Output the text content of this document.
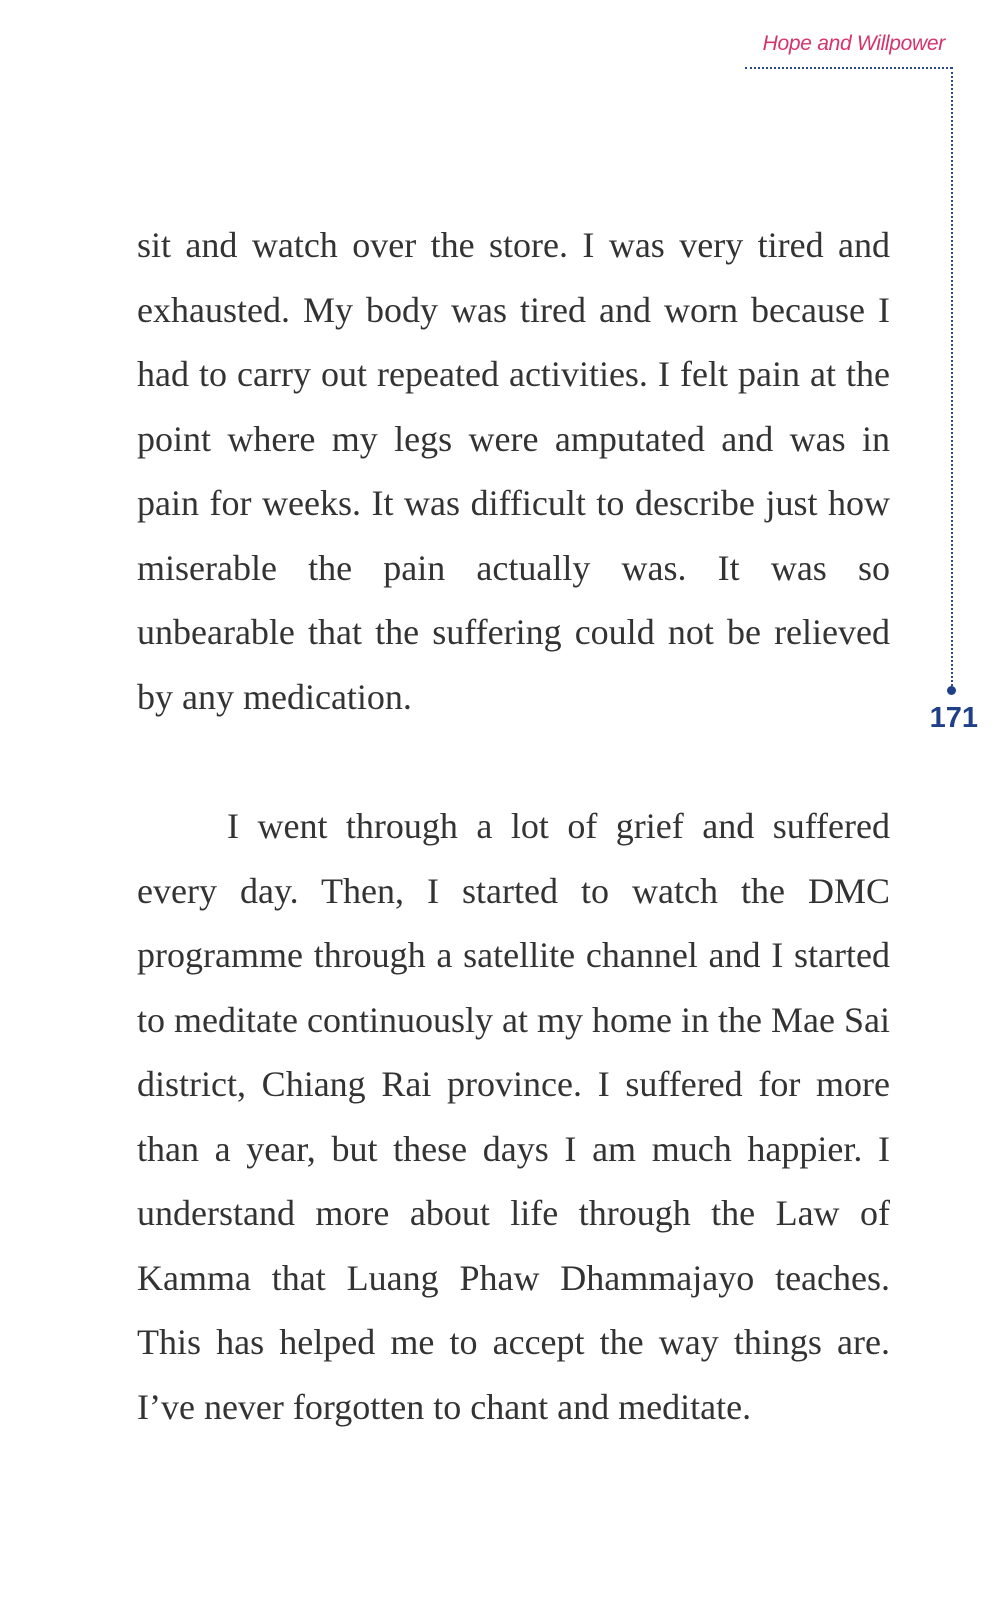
Hope and Willpower
171

sit and watch over the store. I was very tired and exhausted. My body was tired and worn because I had to carry out repeated activities. I felt pain at the point where my legs were amputated and was in pain for weeks. It was difficult to describe just how miserable the pain actually was. It was so unbearable that the suffering could not be relieved by any medication.

I went through a lot of grief and suffered every day. Then, I started to watch the DMC programme through a satellite channel and I started to meditate continuously at my home in the Mae Sai district, Chiang Rai province. I suffered for more than a year, but these days I am much happier. I understand more about life through the Law of Kamma that Luang Phaw Dhammajayo teaches. This has helped me to accept the way things are. I’ve never forgotten to chant and meditate.
